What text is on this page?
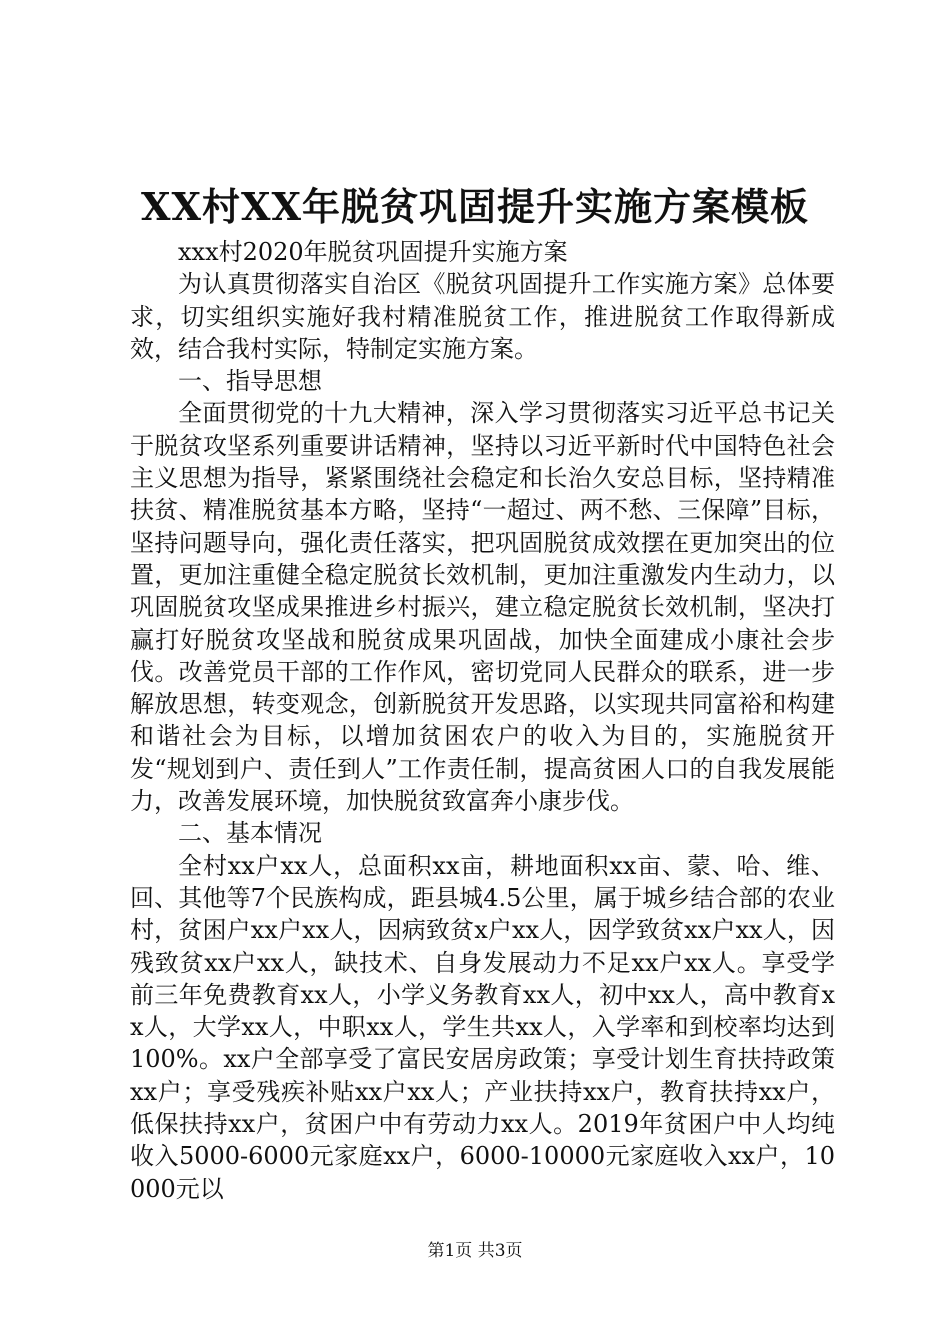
XX村XX年脱贫巩固提升实施方案模板

xxx村2020年脱贫巩固提升实施方案

为认真贯彻落实自治区《脱贫巩固提升工作实施方案》总体要求，切实组织实施好我村精准脱贫工作，推进脱贫工作取得新成效，结合我村实际，特制定实施方案。

一、指导思想

全面贯彻党的十九大精神，深入学习贯彻落实习近平总书记关于脱贫攻坚系列重要讲话精神，坚持以习近平新时代中国特色社会主义思想为指导，紧紧围绕社会稳定和长治久安总目标，坚持精准扶贫、精准脱贫基本方略，坚持“一超过、两不愁、三保障”目标，坚持问题导向，强化责任落实，把巩固脱贫成效摆在更加突出的位置，更加注重健全稳定脱贫长效机制，更加注重激发内生动力，以巩固脱贫攻坚成果推进乡村振兴，建立稳定脱贫长效机制，坚决打赢打好脱贫攻坚战和脱贫成果巩固战，加快全面建成小康社会步伐。改善党员干部的工作作风，密切党同人民群众的联系，进一步解放思想，转变观念，创新脱贫开发思路，以实现共同富裕和构建和谐社会为目标，以增加贫困农户的收入为目的，实施脱贫开发“规划到户、责任到人”工作责任制，提高贫困人口的自我发展能力，改善发展环境，加快脱贫致富奔小康步伐。

二、基本情况

全村xx户xx人，总面积xx亩，耕地面积xx亩、蒙、哈、维、回、其他等7个民族构成，距县城4.5公里，属于城乡结合部的农业村，贫困户xx户xx人，因病致贫x户xx人，因学致贫xx户xx人，因残致贫xx户xx人，缺技术、自身发展动力不足xx户xx人。享受学前三年免费教育xx人，小学义务教育xx人，初中xx人，高中教育xx人，大学xx人，中职xx人，学生共xx人，入学率和到校率均达到100%。xx户全部享受了富民安居房政策；享受计划生育扶持政策xx户；享受残疾补贴xx户xx人；产业扶持xx户，教育扶持xx户，低保扶持xx户，贫困户中有劳动力xx人。2019年贫困户中人均纯收入5000-6000元家庭xx户，6000-10000元家庭收入xx户，10000元以

第1页 共3页
